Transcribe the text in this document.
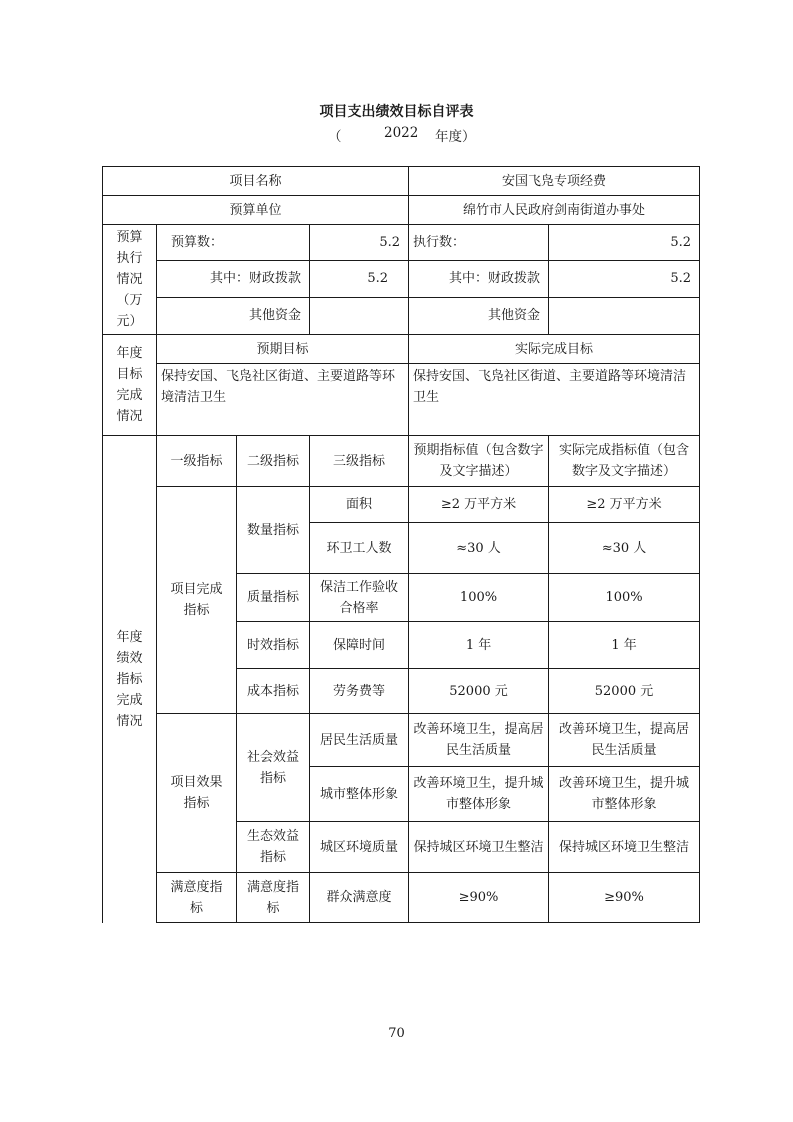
项目支出绩效目标自评表
（	2022 年度）
项目名称				安国飞凫专项经费	
预算单位				绵竹市人民政府剑南街道办事处	

预算执行情况（万元）	预算数：		5.2	执行数：	5.2
	其中：财政拨款		5.2	其中：财政拨款	5.2
	其他资金			其他资金	

年度目标完成情况	预期目标			实际完成目标	
	保持安国、飞凫社区街道、主要道路等环境清洁卫生			保持安国、飞凫社区街道、主要道路等环境清洁卫生	

年度绩效指标完成情况	一级指标	二级指标	三级指标	预期指标值（包含数字及文字描述）	实际完成指标值（包含数字及文字描述）

	项目完成指标	数量指标	面积	≥2 万平方米	≥2 万平方米
			环卫工人数	≈30 人	≈30 人
		质量指标	保洁工作验收合格率	100%	100%
		时效指标	保障时间	1 年	1 年
		成本指标	劳务费等	52000 元	52000 元

	项目效果指标	社会效益指标	居民生活质量	改善环境卫生，提高居民生活质量	改善环境卫生，提高居民生活质量
			城市整体形象	改善环境卫生，提升城市整体形象	改善环境卫生，提升城市整体形象

		生态效益指标	城区环境质量	保持城区环境卫生整洁	保持城区环境卫生整洁

	满意度指标	满意度指标	群众满意度	≥90%	≥90%
70
